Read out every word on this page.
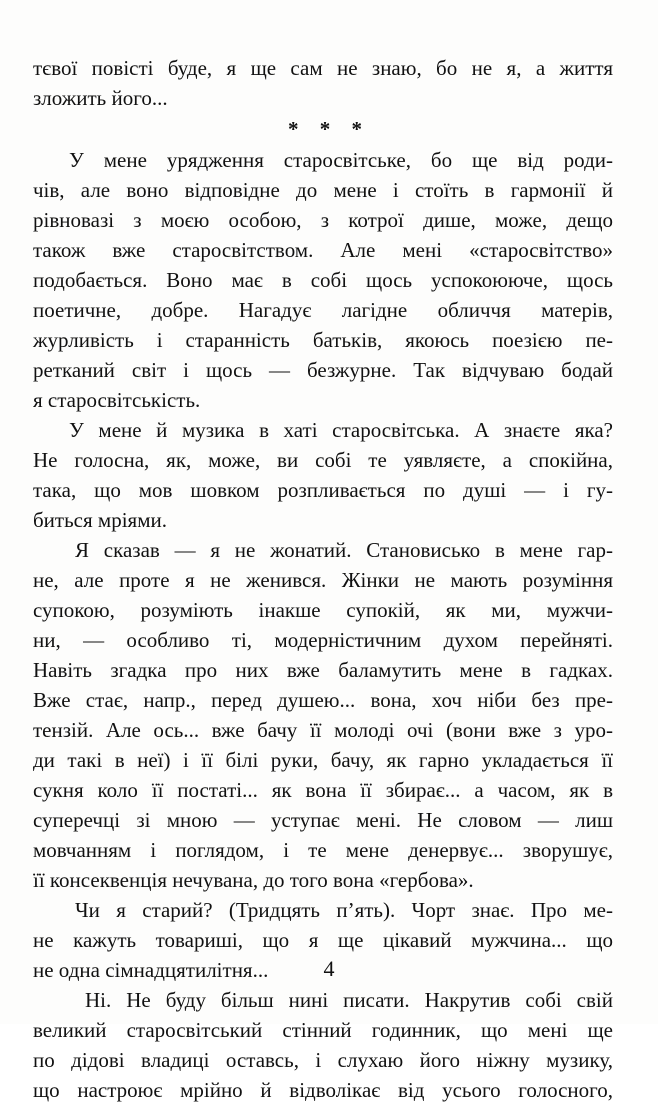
тєвої повісті буде, я ще сам не знаю, бо не я, а життя
зложить його...
* * *
У мене урядження старосвітське, бо ще від роди-
чів, але воно відповідне до мене і стоїть в гармонії й
рівновазі з моєю особою, з котрої дише, може, дещо
також вже старосвітством. Але мені «старосвітство»
подобається. Воно має в собі щось успокоююче, щось
поетичне, добре. Нагадує лагідне обличчя матерів,
журливість і старанність батьків, якоюсь поезією пе-
ретканий світ і щось — безжурне. Так відчуваю бодай
я старосвітськість.
У мене й музика в хаті старосвітська. А знаєте яка?
Не голосна, як, може, ви собі те уявляєте, а спокійна,
така, що мов шовком розпливається по душі — і гу-
биться мріями.
Я сказав — я не жонатий. Становисько в мене гар-
не, але проте я не женився. Жінки не мають розуміння
супокою, розуміють інакше супокій, як ми, мужчи-
ни, — особливо ті, модерністичним духом перейняті.
Навіть згадка про них вже баламутить мене в гадках.
Вже стає, напр., перед душею... вона, хоч ніби без пре-
тензій. Але ось... вже бачу її молоді очі (вони вже з уро-
ди такі в неї) і її білі руки, бачу, як гарно укладається її
сукня коло її постаті... як вона її збирає... а часом, як в
суперечці зі мною — уступає мені. Не словом — лиш
мовчанням і поглядом, і те мене денервує... зворушує,
її консеквенція нечувана, до того вона «гербова».
Чи я старий? (Тридцять п’ять). Чорт знає. Про ме-
не кажуть товариші, що я ще цікавий мужчина... що
не одна сімнадцятилітня...
Ні. Не буду більш нині писати. Накрутив собі свій
великий старосвітський стінний годинник, що мені ще
по дідові владиці оставсь, і слухаю його ніжну музику,
що настроює мрійно й відволікає від усього голосного,
4
